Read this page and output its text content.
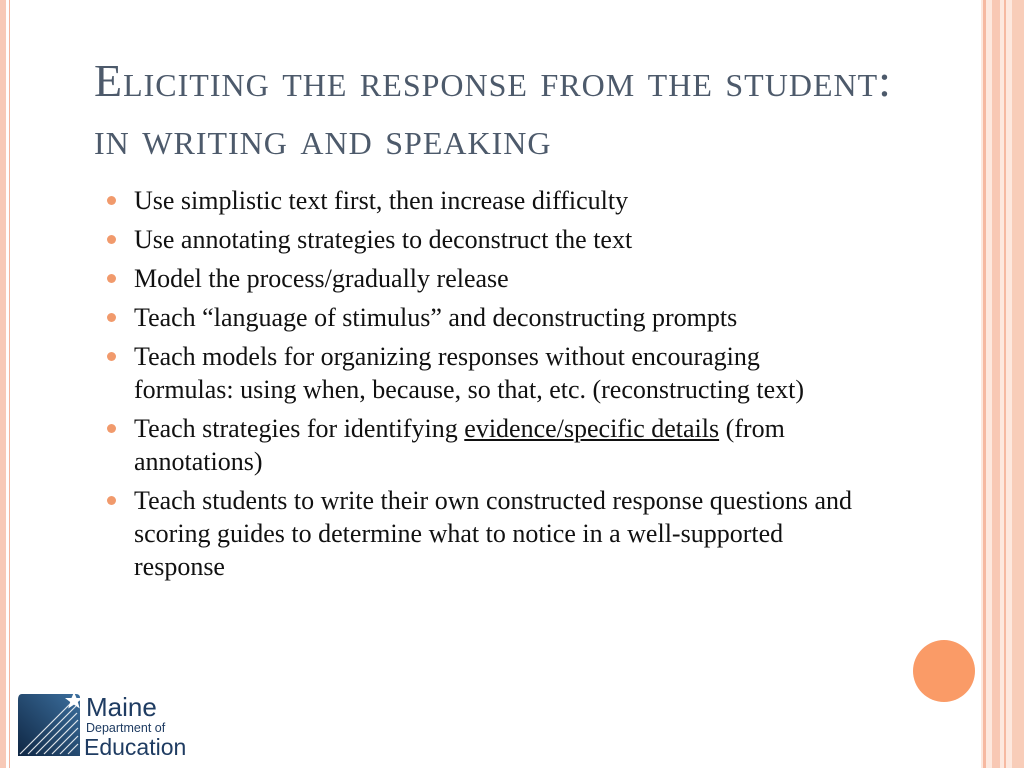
Eliciting the response from the student: in writing and speaking
Use simplistic text first, then increase difficulty
Use annotating strategies to deconstruct the text
Model the process/gradually release
Teach “language of stimulus” and deconstructing prompts
Teach models for organizing responses without encouraging formulas: using when, because, so that, etc. (reconstructing text)
Teach strategies for identifying evidence/specific details (from annotations)
Teach students to write their own constructed response questions and scoring guides to determine what to notice in a well-supported response
Maine
Department of
Education
